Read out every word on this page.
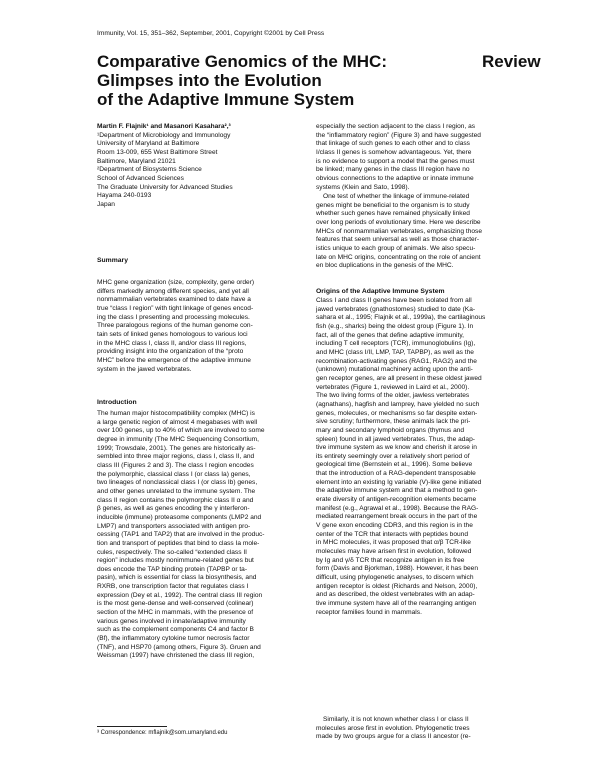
Immunity, Vol. 15, 351–362, September, 2001, Copyright ©2001 by Cell Press
Comparative Genomics of the MHC:
Glimpses into the Evolution
of the Adaptive Immune System
Review

Martin F. Flajnik¹ and Masanori Kasahara²,³

¹Department of Microbiology and Immunology

University of Maryland at Baltimore

Room 13-009, 655 West Baltimore Street

Baltimore, Maryland 21021

²Department of Biosystems Science

School of Advanced Sciences

The Graduate University for Advanced Studies

Hayama 240-0193

Japan

Summary

MHC gene organization (size, complexity, gene order)

differs markedly among different species, and yet all

nonmammalian vertebrates examined to date have a

true “class I region” with tight linkage of genes encod-

ing the class I presenting and processing molecules.

Three paralogous regions of the human genome con-

tain sets of linked genes homologous to various loci

in the MHC class I, class II, and/or class III regions,

providing insight into the organization of the “proto

MHC” before the emergence of the adaptive immune

system in the jawed vertebrates.

Introduction

The human major histocompatibility complex (MHC) is

a large genetic region of almost 4 megabases with well

over 100 genes, up to 40% of which are involved to some

degree in immunity (The MHC Sequencing Consortium,

1999; Trowsdale, 2001). The genes are historically as-

sembled into three major regions, class I, class II, and

class III (Figures 2 and 3). The class I region encodes

the polymorphic, classical class I (or class Ia) genes,

two lineages of nonclassical class I (or class Ib) genes,

and other genes unrelated to the immune system. The

class II region contains the polymorphic class II α and

β genes, as well as genes encoding the γ interferon-

inducible (immune) proteasome components (LMP2 and

LMP7) and transporters associated with antigen pro-

cessing (TAP1 and TAP2) that are involved in the produc-

tion and transport of peptides that bind to class Ia mole-

cules, respectively. The so-called “extended class II

region” includes mostly nonimmune-related genes but

does encode the TAP binding protein (TAPBP or ta-

pasin), which is essential for class Ia biosynthesis, and

RXRB, one transcription factor that regulates class I

expression (Dey et al., 1992). The central class III region

is the most gene-dense and well-conserved (colinear)

section of the MHC in mammals, with the presence of

various genes involved in innate/adaptive immunity

such as the complement components C4 and factor B

(Bf), the inflammatory cytokine tumor necrosis factor

(TNF), and HSP70 (among others, Figure 3). Gruen and

Weissman (1997) have christened the class III region,

³ Correspondence: mflajnik@som.umaryland.edu

especially the section adjacent to the class I region, as

the “inflammatory region” (Figure 3) and have suggested

that linkage of such genes to each other and to class

I/class II genes is somehow advantageous. Yet, there

is no evidence to support a model that the genes must

be linked; many genes in the class III region have no

obvious connections to the adaptive or innate immune

systems (Klein and Sato, 1998).

One test of whether the linkage of immune-related

genes might be beneficial to the organism is to study

whether such genes have remained physically linked

over long periods of evolutionary time. Here we describe

MHCs of nonmammalian vertebrates, emphasizing those

features that seem universal as well as those character-

istics unique to each group of animals. We also specu-

late on MHC origins, concentrating on the role of ancient

en bloc duplications in the genesis of the MHC.

Origins of the Adaptive Immune System

Class I and class II genes have been isolated from all

jawed vertebrates (gnathostomes) studied to date (Ka-

sahara et al., 1995; Flajnik et al., 1999a), the cartilaginous

fish (e.g., sharks) being the oldest group (Figure 1). In

fact, all of the genes that define adaptive immunity,

including T cell receptors (TCR), immunoglobulins (Ig),

and MHC (class I/II, LMP, TAP, TAPBP), as well as the

recombination-activating genes (RAG1, RAG2) and the

(unknown) mutational machinery acting upon the anti-

gen receptor genes, are all present in these oldest jawed

vertebrates (Figure 1, reviewed in Laird et al., 2000).

The two living forms of the older, jawless vertebrates

(agnathans), hagfish and lamprey, have yielded no such

genes, molecules, or mechanisms so far despite exten-

sive scrutiny; furthermore, these animals lack the pri-

mary and secondary lymphoid organs (thymus and

spleen) found in all jawed vertebrates. Thus, the adap-

tive immune system as we know and cherish it arose in

its entirety seemingly over a relatively short period of

geological time (Bernstein et al., 1996). Some believe

that the introduction of a RAG-dependent transposable

element into an existing Ig variable (V)-like gene initiated

the adaptive immune system and that a method to gen-

erate diversity of antigen-recognition elements became

manifest (e.g., Agrawal et al., 1998). Because the RAG-

mediated rearrangement break occurs in the part of the

V gene exon encoding CDR3, and this region is in the

center of the TCR that interacts with peptides bound

in MHC molecules, it was proposed that α/β TCR-like

molecules may have arisen first in evolution, followed

by Ig and γ/δ TCR that recognize antigen in its free

form (Davis and Bjorkman, 1988). However, it has been

difficult, using phylogenetic analyses, to discern which

antigen receptor is oldest (Richards and Nelson, 2000),

and as described, the oldest vertebrates with an adap-

tive immune system have all of the rearranging antigen

receptor families found in mammals.

Similarly, it is not known whether class I or class II

molecules arose first in evolution. Phylogenetic trees

made by two groups argue for a class II ancestor (re-
